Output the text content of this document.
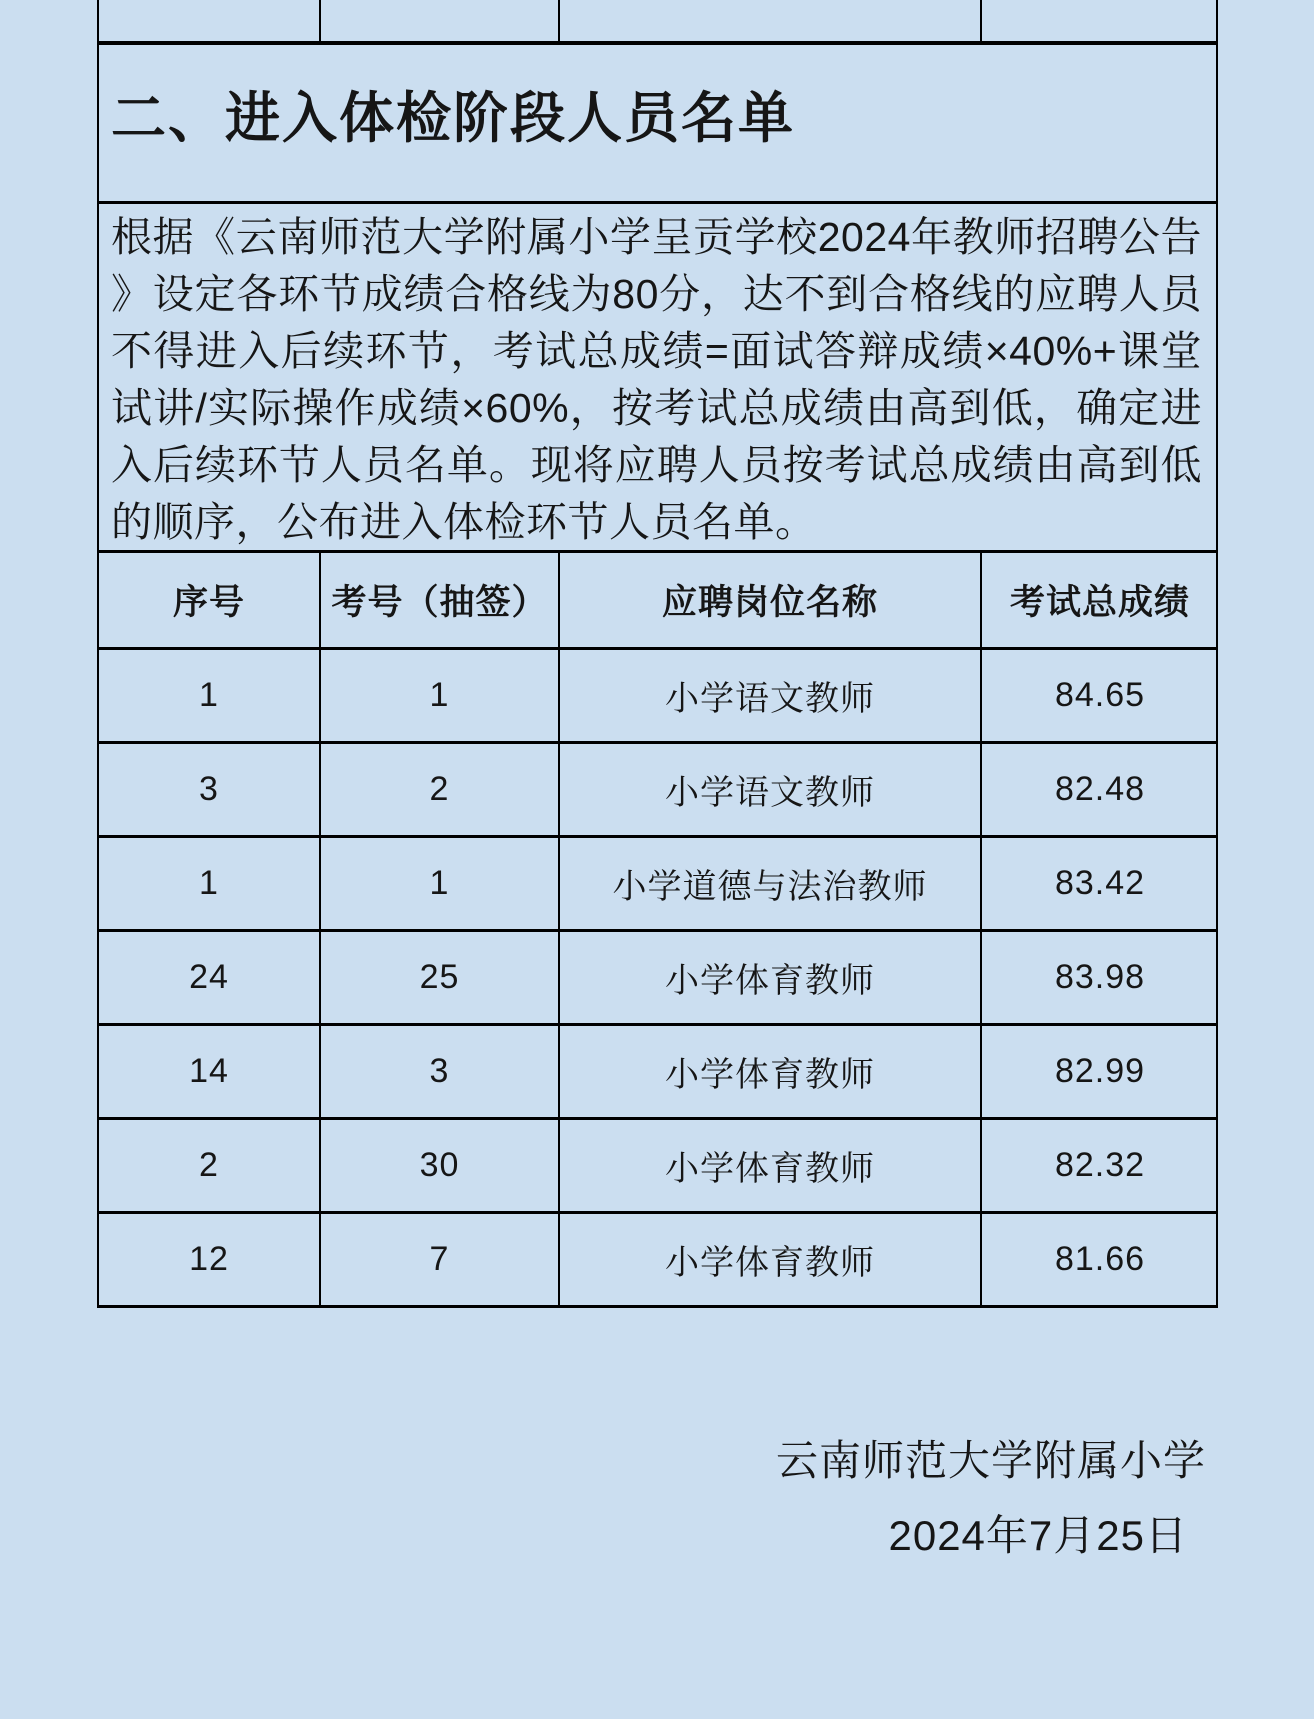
二、进入体检阶段人员名单
根据《云南师范大学附属小学呈贡学校2024年教师招聘公告
》设定各环节成绩合格线为80分，达不到合格线的应聘人员
不得进入后续环节，考试总成绩=面试答辩成绩×40%+课堂
试讲/实际操作成绩×60%，按考试总成绩由高到低，确定进
入后续环节人员名单。现将应聘人员按考试总成绩由高到低
的顺序，公布进入体检环节人员名单。
序号	考号（抽签）	应聘岗位名称	考试总成绩
1	1	小学语文教师	84.65
3	2	小学语文教师	82.48
1	1	小学道德与法治教师	83.42
24	25	小学体育教师	83.98
14	3	小学体育教师	82.99
2	30	小学体育教师	82.32
12	7	小学体育教师	81.66
云南师范大学附属小学
2024年7月25日
